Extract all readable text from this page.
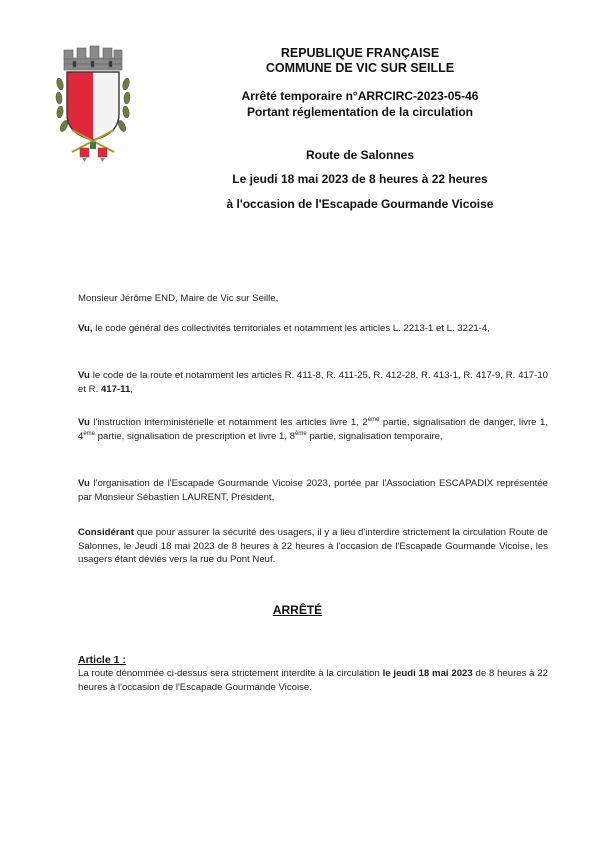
REPUBLIQUE FRANÇAISE
COMMUNE DE VIC SUR SEILLE
Arrêté temporaire n°ARRCIRC-2023-05-46
Portant réglementation de la circulation
Route de Salonnes
Le jeudi 18 mai 2023 de 8 heures à 22 heures
à l'occasion de l'Escapade Gourmande Vicoise
Monsieur Jérôme END, Maire de Vic sur Seille,
Vu, le code général des collectivités territoriales et notamment les articles L. 2213-1 et L. 3221-4,
Vu le code de la route et notamment les articles R. 411-8, R. 411-25, R. 412-28, R. 413-1, R. 417-9, R. 417-10 et R. 417-11,
Vu l'instruction interministérielle et notamment les articles livre 1, 2ème partie, signalisation de danger, livre 1, 4ème partie, signalisation de prescription et livre 1, 8ème partie, signalisation temporaire,
Vu l'organisation de l'Escapade Gourmande Vicoise 2023, portée par l'Association ESCAPADIX représentée par Monsieur Sébastien LAURENT, Président,
Considérant que pour assurer la sécurité des usagers, il y a lieu d'interdire strictement la circulation Route de Salonnes, le Jeudi 18 mai 2023 de 8 heures à 22 heures à l'occasion de l'Escapade Gourmande Vicoise, les usagers étant déviés vers la rue du Pont Neuf.
ARRÊTÉ
Article 1 :
La route dénommée ci-dessus sera strictement interdite à la circulation le jeudi 18 mai 2023 de 8 heures à 22 heures à l'occasion de l'Escapade Gourmande Vicoise.
